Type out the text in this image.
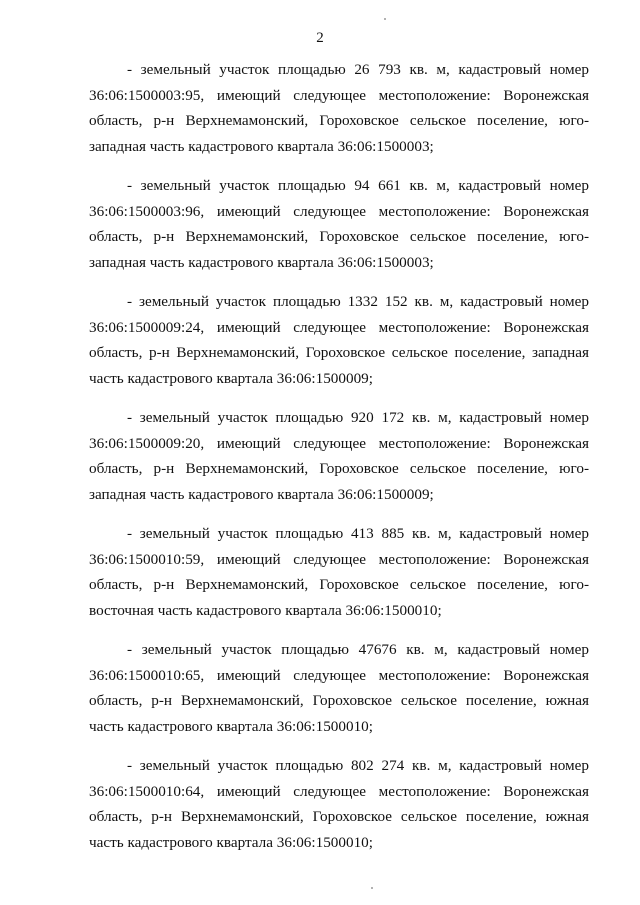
2

- земельный участок площадью 26 793 кв. м, кадастровый номер
36:06:1500003:95, имеющий следующее местоположение: Воронежская
область, р-н Верхнемамонский, Гороховское сельское поселение, юго-
западная часть кадастрового квартала 36:06:1500003;

- земельный участок площадью 94 661 кв. м, кадастровый номер
36:06:1500003:96, имеющий следующее местоположение: Воронежская
область, р-н Верхнемамонский, Гороховское сельское поселение, юго-
западная часть кадастрового квартала 36:06:1500003;

- земельный участок площадью 1332 152 кв. м, кадастровый номер
36:06:1500009:24, имеющий следующее местоположение: Воронежская
область, р-н Верхнемамонский, Гороховское сельское поселение, западная
часть кадастрового квартала 36:06:1500009;

- земельный участок площадью 920 172 кв. м, кадастровый номер
36:06:1500009:20, имеющий следующее местоположение: Воронежская
область, р-н Верхнемамонский, Гороховское сельское поселение, юго-
западная часть кадастрового квартала 36:06:1500009;

- земельный участок площадью 413 885 кв. м, кадастровый номер
36:06:1500010:59, имеющий следующее местоположение: Воронежская
область, р-н Верхнемамонский, Гороховское сельское поселение, юго-
восточная часть кадастрового квартала 36:06:1500010;

- земельный участок площадью 47676 кв. м, кадастровый номер
36:06:1500010:65, имеющий следующее местоположение: Воронежская
область, р-н Верхнемамонский, Гороховское сельское поселение, южная
часть кадастрового квартала 36:06:1500010;

- земельный участок площадью 802 274 кв. м, кадастровый номер
36:06:1500010:64, имеющий следующее местоположение: Воронежская
область, р-н Верхнемамонский, Гороховское сельское поселение, южная
часть кадастрового квартала 36:06:1500010;
